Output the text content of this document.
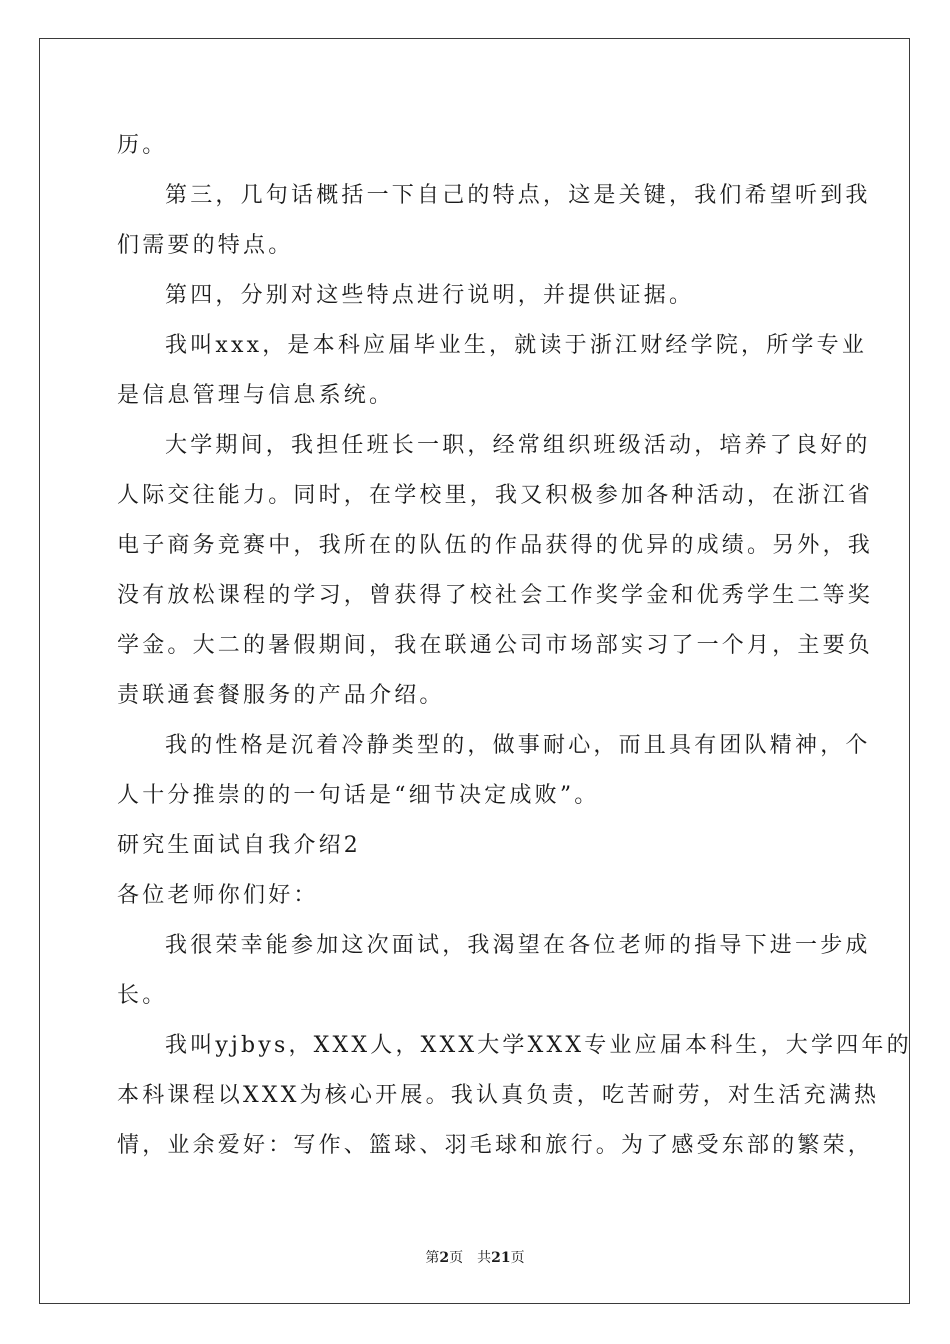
历。
第三，几句话概括一下自己的特点，这是关键，我们希望听到我
们需要的特点。
第四，分别对这些特点进行说明，并提供证据。
我叫xxx，是本科应届毕业生，就读于浙江财经学院，所学专业
是信息管理与信息系统。
大学期间，我担任班长一职，经常组织班级活动，培养了良好的
人际交往能力。同时，在学校里，我又积极参加各种活动，在浙江省
电子商务竞赛中，我所在的队伍的作品获得的优异的成绩。另外，我
没有放松课程的学习，曾获得了校社会工作奖学金和优秀学生二等奖
学金。大二的暑假期间，我在联通公司市场部实习了一个月，主要负
责联通套餐服务的产品介绍。
我的性格是沉着冷静类型的，做事耐心，而且具有团队精神，个
人十分推崇的的一句话是“细节决定成败”。
研究生面试自我介绍2
各位老师你们好：
我很荣幸能参加这次面试，我渴望在各位老师的指导下进一步成
长。
我叫yjbys，XXX人，XXX大学XXX专业应届本科生，大学四年的
本科课程以XXX为核心开展。我认真负责，吃苦耐劳，对生活充满热
情，业余爱好：写作、篮球、羽毛球和旅行。为了感受东部的繁荣，
第2页　共21页
